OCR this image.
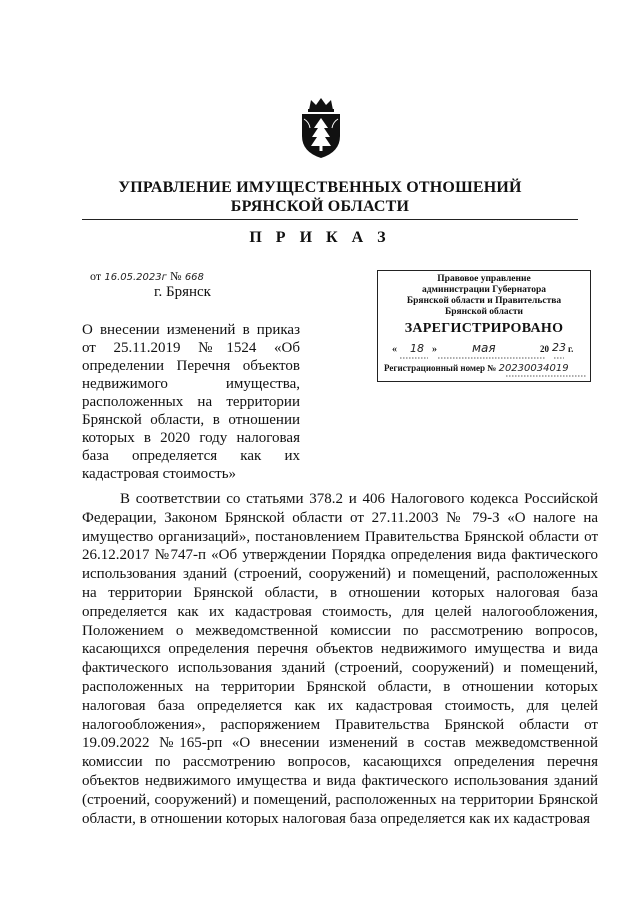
УПРАВЛЕНИЕ ИМУЩЕСТВЕННЫХ ОТНОШЕНИЙ
БРЯНСКОЙ ОБЛАСТИ
П Р И К А З
от 16.05.2023г № 668
г. Брянск
Правовое управление
администрации Губернатора
Брянской области и Правительства
Брянской области
ЗАРЕГИСТРИРОВАНО
« 18 »	мая	20 23 г.
Регистрационный номер № 20230034019
О внесении изменений в приказ от 25.11.2019 №1524 «Об определении Перечня объектов недвижимого имущества, расположенных на территории Брянской области, в отношении которых в 2020 году налоговая база определяется как их кадастровая стоимость»
В соответствии со статьями 378.2 и 406 Налогового кодекса Российской Федерации, Законом Брянской области от 27.11.2003 № 79-З «О налоге на имущество организаций», постановлением Правительства Брянской области от 26.12.2017 №747-п «Об утверждении Порядка определения вида фактического использования зданий (строений, сооружений) и помещений, расположенных на территории Брянской области, в отношении которых налоговая база определяется как их кадастровая стоимость, для целей налогообложения, Положением о межведомственной комиссии по рассмотрению вопросов, касающихся определения перечня объектов недвижимого имущества и вида фактического использования зданий (строений, сооружений) и помещений, расположенных на территории Брянской области, в отношении которых налоговая база определяется как их кадастровая стоимость, для целей налогообложения», распоряжением Правительства Брянской области от 19.09.2022 №165-рп «О внесении изменений в состав межведомственной комиссии по рассмотрению вопросов, касающихся определения перечня объектов недвижимого имущества и вида фактического использования зданий (строений, сооружений) и помещений, расположенных на территории Брянской области, в отношении которых налоговая база определяется как их кадастровая
